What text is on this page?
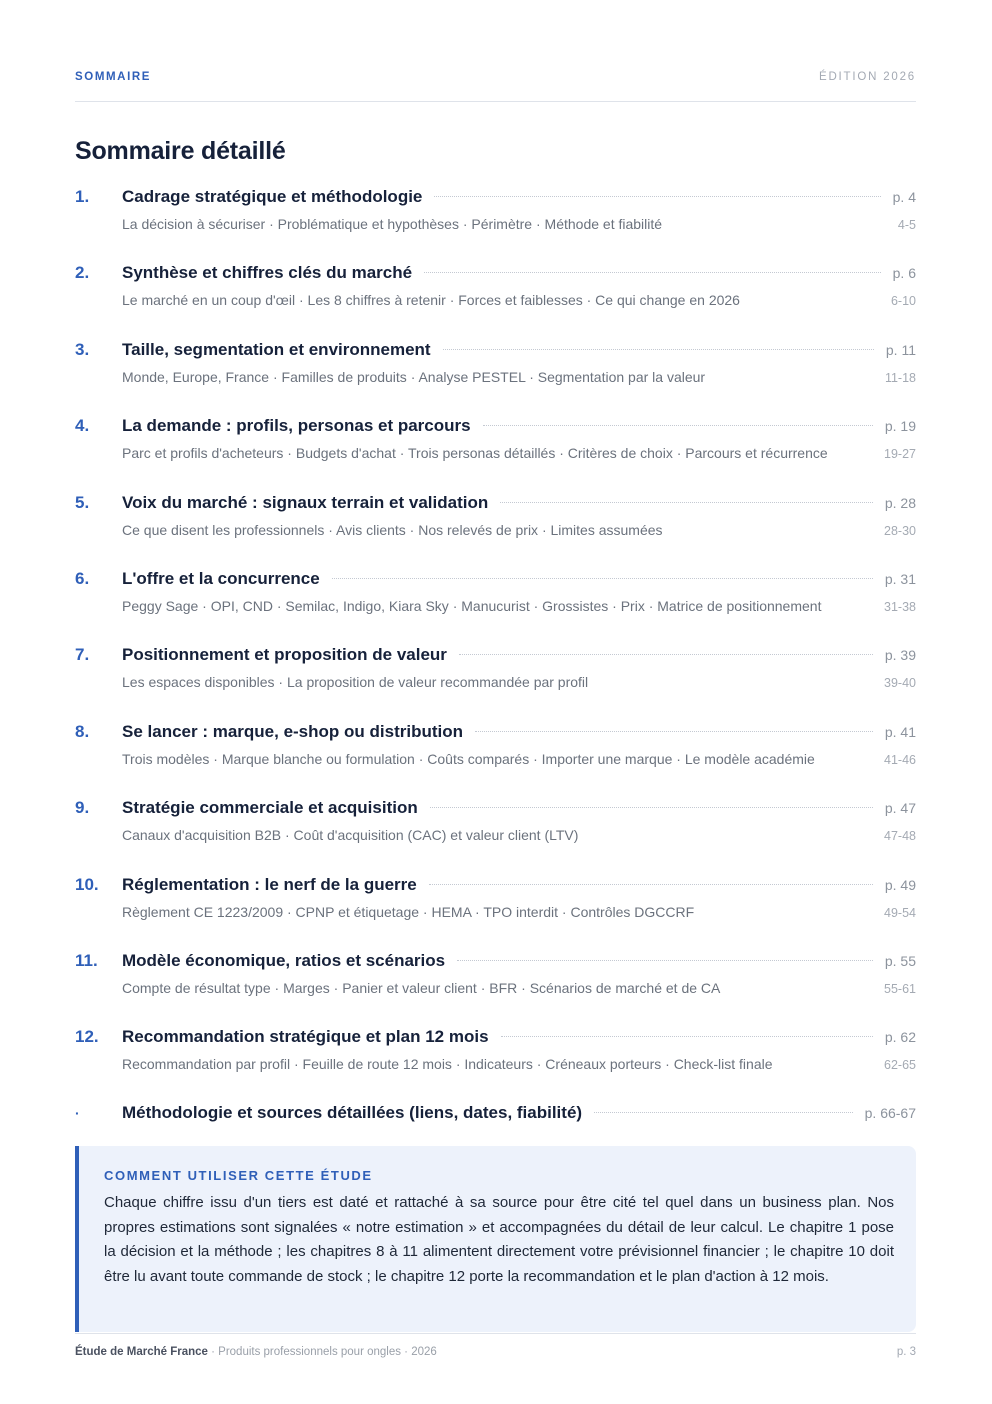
SOMMAIRE	ÉDITION 2026
Sommaire détaillé
1.	Cadrage stratégique et méthodologie	p. 4
La décision à sécuriser · Problématique et hypothèses · Périmètre · Méthode et fiabilité	4-5
2.	Synthèse et chiffres clés du marché	p. 6
Le marché en un coup d'œil · Les 8 chiffres à retenir · Forces et faiblesses · Ce qui change en 2026	6-10
3.	Taille, segmentation et environnement	p. 11
Monde, Europe, France · Familles de produits · Analyse PESTEL · Segmentation par la valeur	11-18
4.	La demande : profils, personas et parcours	p. 19
Parc et profils d'acheteurs · Budgets d'achat · Trois personas détaillés · Critères de choix · Parcours et récurrence	19-27
5.	Voix du marché : signaux terrain et validation	p. 28
Ce que disent les professionnels · Avis clients · Nos relevés de prix · Limites assumées	28-30
6.	L'offre et la concurrence	p. 31
Peggy Sage · OPI, CND · Semilac, Indigo, Kiara Sky · Manucurist · Grossistes · Prix · Matrice de positionnement	31-38
7.	Positionnement et proposition de valeur	p. 39
Les espaces disponibles · La proposition de valeur recommandée par profil	39-40
8.	Se lancer : marque, e-shop ou distribution	p. 41
Trois modèles · Marque blanche ou formulation · Coûts comparés · Importer une marque · Le modèle académie	41-46
9.	Stratégie commerciale et acquisition	p. 47
Canaux d'acquisition B2B · Coût d'acquisition (CAC) et valeur client (LTV)	47-48
10.	Réglementation : le nerf de la guerre	p. 49
Règlement CE 1223/2009 · CPNP et étiquetage · HEMA · TPO interdit · Contrôles DGCCRF	49-54
11.	Modèle économique, ratios et scénarios	p. 55
Compte de résultat type · Marges · Panier et valeur client · BFR · Scénarios de marché et de CA	55-61
12.	Recommandation stratégique et plan 12 mois	p. 62
Recommandation par profil · Feuille de route 12 mois · Indicateurs · Créneaux porteurs · Check-list finale	62-65
·	Méthodologie et sources détaillées (liens, dates, fiabilité)	p. 66-67
COMMENT UTILISER CETTE ÉTUDE

Chaque chiffre issu d'un tiers est daté et rattaché à sa source pour être cité tel quel dans un business plan. Nos propres estimations sont signalées « notre estimation » et accompagnées du détail de leur calcul. Le chapitre 1 pose la décision et la méthode ; les chapitres 8 à 11 alimentent directement votre prévisionnel financier ; le chapitre 10 doit être lu avant toute commande de stock ; le chapitre 12 porte la recommandation et le plan d'action à 12 mois.

Étude de Marché France · Produits professionnels pour ongles · 2026	p. 3
